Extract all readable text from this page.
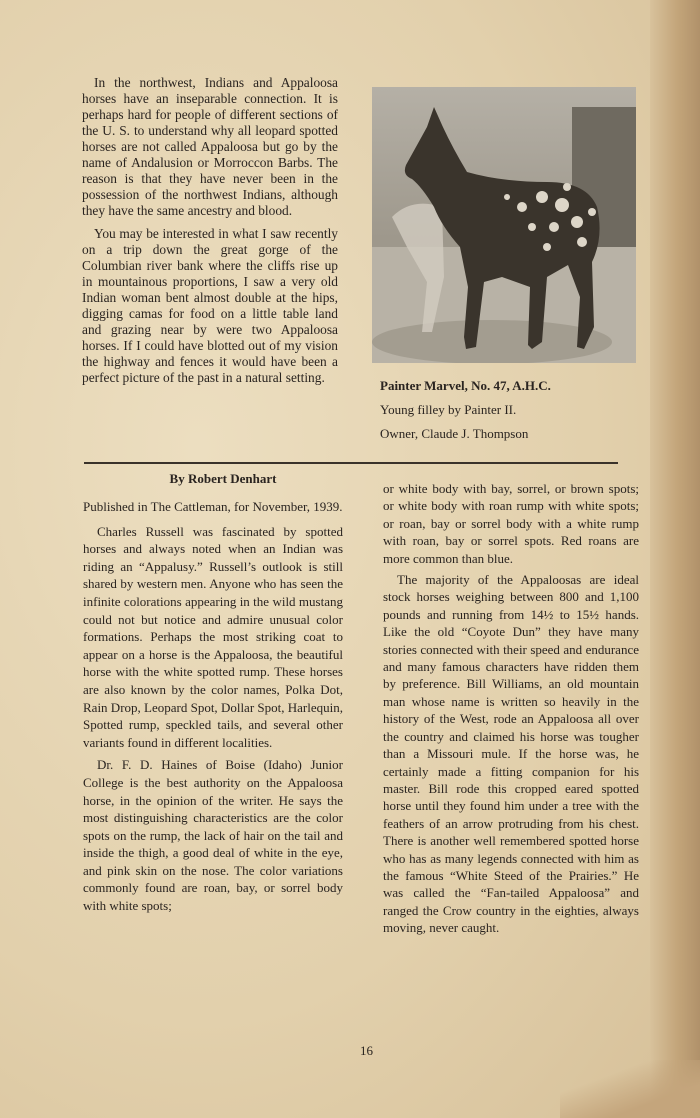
In the northwest, Indians and Appaloosa horses have an inseparable connection. It is perhaps hard for people of different sections of the U. S. to understand why all leopard spotted horses are not called Appaloosa but go by the name of Andalusion or Morroccon Barbs. The reason is that they have never been in the possession of the northwest Indians, although they have the same ancestry and blood.

You may be interested in what I saw recently on a trip down the great gorge of the Columbian river bank where the cliffs rise up in mountainous proportions, I saw a very old Indian woman bent almost double at the hips, digging camas for food on a little table land and grazing near by were two Appaloosa horses. If I could have blotted out of my vision the highway and fences it would have been a perfect picture of the past in a natural setting.

Painter Marvel, No. 47, A.H.C.
Young filley by Painter II.
Owner, Claude J. Thompson
By Robert Denhart

Published in The Cattleman, for November, 1939.

Charles Russell was fascinated by spotted horses and always noted when an Indian was riding an “Appalusy.” Russell’s outlook is still shared by western men. Anyone who has seen the infinite colorations appearing in the wild mustang could not but notice and admire unusual color formations. Perhaps the most striking coat to appear on a horse is the Appaloosa, the beautiful horse with the white spotted rump. These horses are also known by the color names, Polka Dot, Rain Drop, Leopard Spot, Dollar Spot, Harlequin, Spotted rump, speckled tails, and several other variants found in different localities.

Dr. F. D. Haines of Boise (Idaho) Junior College is the best authority on the Appaloosa horse, in the opinion of the writer. He says the most distinguishing characteristics are the color spots on the rump, the lack of hair on the tail and inside the thigh, a good deal of white in the eye, and pink skin on the nose. The color variations commonly found are roan, bay, or sorrel body with white spots;

or white body with bay, sorrel, or brown spots; or white body with roan rump with white spots; or roan, bay or sorrel body with a white rump with roan, bay or sorrel spots. Red roans are more common than blue.

The majority of the Appaloosas are ideal stock horses weighing between 800 and 1,100 pounds and running from 14½ to 15½ hands. Like the old “Coyote Dun” they have many stories connected with their speed and endurance and many famous characters have ridden them by preference. Bill Williams, an old mountain man whose name is written so heavily in the history of the West, rode an Appaloosa all over the country and claimed his horse was tougher than a Missouri mule. If the horse was, he certainly made a fitting companion for his master. Bill rode this cropped eared spotted horse until they found him under a tree with the feathers of an arrow protruding from his chest. There is another well remembered spotted horse who has as many legends connected with him as the famous “White Steed of the Prairies.” He was called the “Fan-tailed Appaloosa” and ranged the Crow country in the eighties, always moving, never caught.

16
